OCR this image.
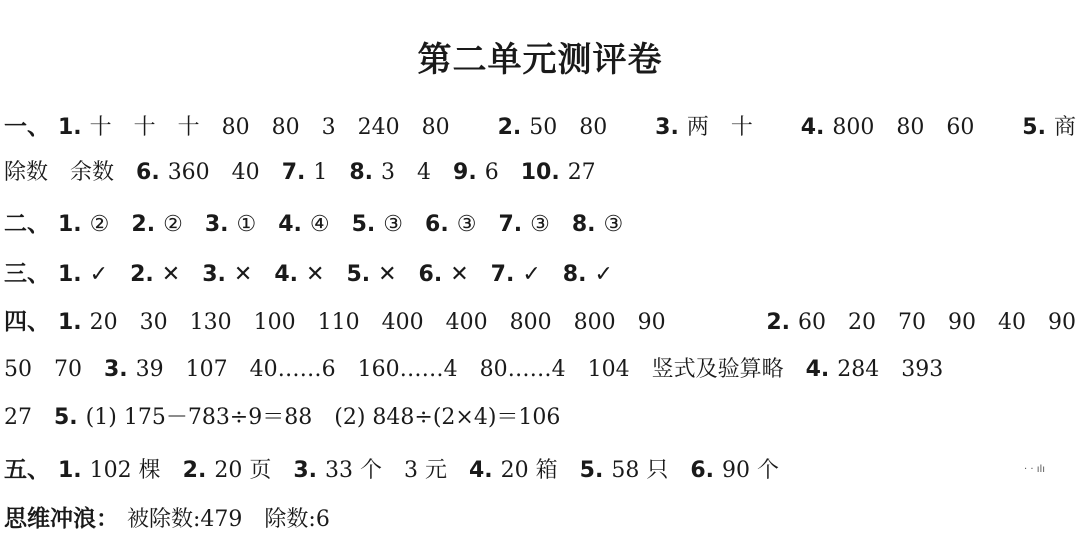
第二单元测评卷
一、 1. 十　十　十　80　80　3　240　80 2. 50　80 3. 两　十 4. 800　80　60 5. 商
除数　余数 6. 360　40 7. 1 8. 3　4 9. 6 10. 27
二、 1. ② 2. ② 3. ① 4. ④ 5. ③ 6. ③ 7. ③ 8. ③
三、 1. ✓ 2. ✕ 3. ✕ 4. ✕ 5. ✕ 6. ✕ 7. ✓ 8. ✓
四、 1. 20　30　130　100　110　400　400　800　800　90	2. 60　20　70　90　40　90
50　70 3. 39　107　40……6　160……4　80……4　104　竖式及验算略 4. 284　393
27 5. (1) 175－783÷9＝88　(2) 848÷(2×4)＝106
五、 1. 102 棵 2. 20 页 3. 33 个　3 元 4. 20 箱 5. 58 只 6. 90 个
思维冲浪： 被除数:479　除数:6
· · ılı
